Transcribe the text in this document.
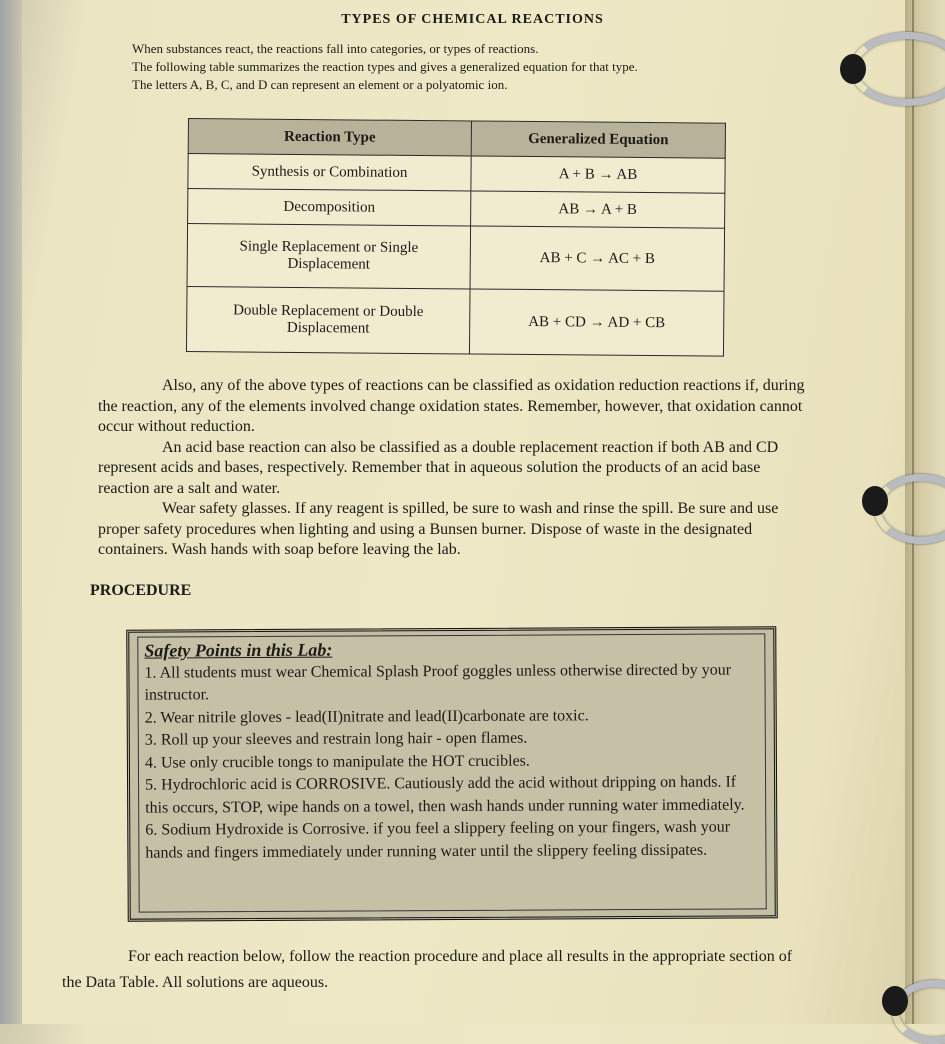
TYPES OF CHEMICAL REACTIONS

When substances react, the reactions fall into categories, or types of reactions.

The following table summarizes the reaction types and gives a generalized equation for that type.

The letters A, B, C, and D can represent an element or a polyatomic ion.

Reaction Type	Generalized Equation
Synthesis or Combination	A + B → AB
Decomposition	AB → A + B
Single Replacement or Single Displacement	AB + C → AC + B
Double Replacement or Double Displacement	AB + CD → AD + CB

Also, any of the above types of reactions can be classified as oxidation reduction reactions if, during the reaction, any of the elements involved change oxidation states. Remember, however, that oxidation cannot occur without reduction.

An acid base reaction can also be classified as a double replacement reaction if both AB and CD represent acids and bases, respectively. Remember that in aqueous solution the products of an acid base reaction are a salt and water.

Wear safety glasses. If any reagent is spilled, be sure to wash and rinse the spill. Be sure and use proper safety procedures when lighting and using a Bunsen burner. Dispose of waste in the designated containers. Wash hands with soap before leaving the lab.

PROCEDURE
Safety Points in this Lab:
1. All students must wear Chemical Splash Proof goggles unless otherwise directed by your instructor.
2. Wear nitrile gloves - lead(II)nitrate and lead(II)carbonate are toxic.
3. Roll up your sleeves and restrain long hair - open flames.
4. Use only crucible tongs to manipulate the HOT crucibles.
5. Hydrochloric acid is CORROSIVE. Cautiously add the acid without dripping on hands. If this occurs, STOP, wipe hands on a towel, then wash hands under running water immediately.
6. Sodium Hydroxide is Corrosive. if you feel a slippery feeling on your fingers, wash your hands and fingers immediately under running water until the slippery feeling dissipates.
For each reaction below, follow the reaction procedure and place all results in the appropriate section of the Data Table. All solutions are aqueous.
